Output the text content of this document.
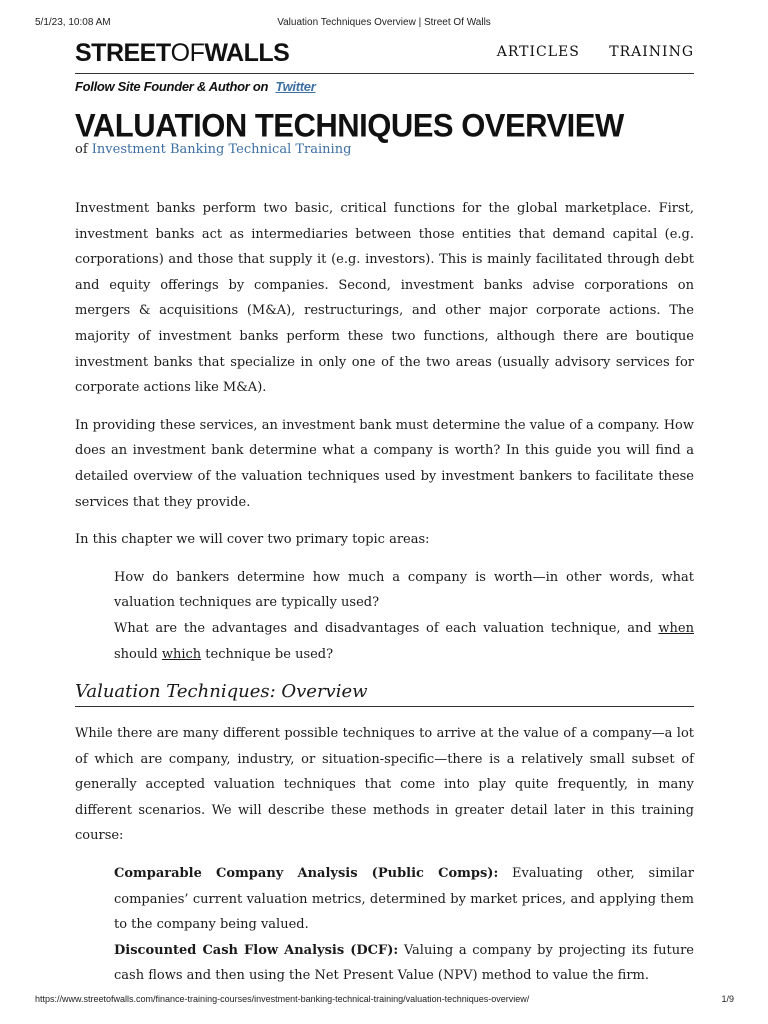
5/1/23, 10:08 AM	Valuation Techniques Overview | Street Of Walls
STREETOFWALLS	ARTICLES TRAINING
Follow Site Founder & Author on Twitter
VALUATION TECHNIQUES OVERVIEW
of Investment Banking Technical Training

Investment banks perform two basic, critical functions for the global marketplace. First, investment banks act as intermediaries between those entities that demand capital (e.g. corporations) and those that supply it (e.g. investors). This is mainly facilitated through debt and equity offerings by companies. Second, investment banks advise corporations on mergers & acquisitions (M&A), restructurings, and other major corporate actions. The majority of investment banks perform these two functions, although there are boutique investment banks that specialize in only one of the two areas (usually advisory services for corporate actions like M&A).

In providing these services, an investment bank must determine the value of a company. How does an investment bank determine what a company is worth? In this guide you will find a detailed overview of the valuation techniques used by investment bankers to facilitate these services that they provide.

In this chapter we will cover two primary topic areas:

How do bankers determine how much a company is worth—in other words, what valuation techniques are typically used?
What are the advantages and disadvantages of each valuation technique, and when should which technique be used?
Valuation Techniques: Overview

While there are many different possible techniques to arrive at the value of a company—a lot of which are company, industry, or situation-specific—there is a relatively small subset of generally accepted valuation techniques that come into play quite frequently, in many different scenarios. We will describe these methods in greater detail later in this training course:

Comparable Company Analysis (Public Comps): Evaluating other, similar companies’ current valuation metrics, determined by market prices, and applying them to the company being valued.
Discounted Cash Flow Analysis (DCF): Valuing a company by projecting its future cash flows and then using the Net Present Value (NPV) method to value the firm.
https://www.streetofwalls.com/finance-training-courses/investment-banking-technical-training/valuation-techniques-overview/	1/9
